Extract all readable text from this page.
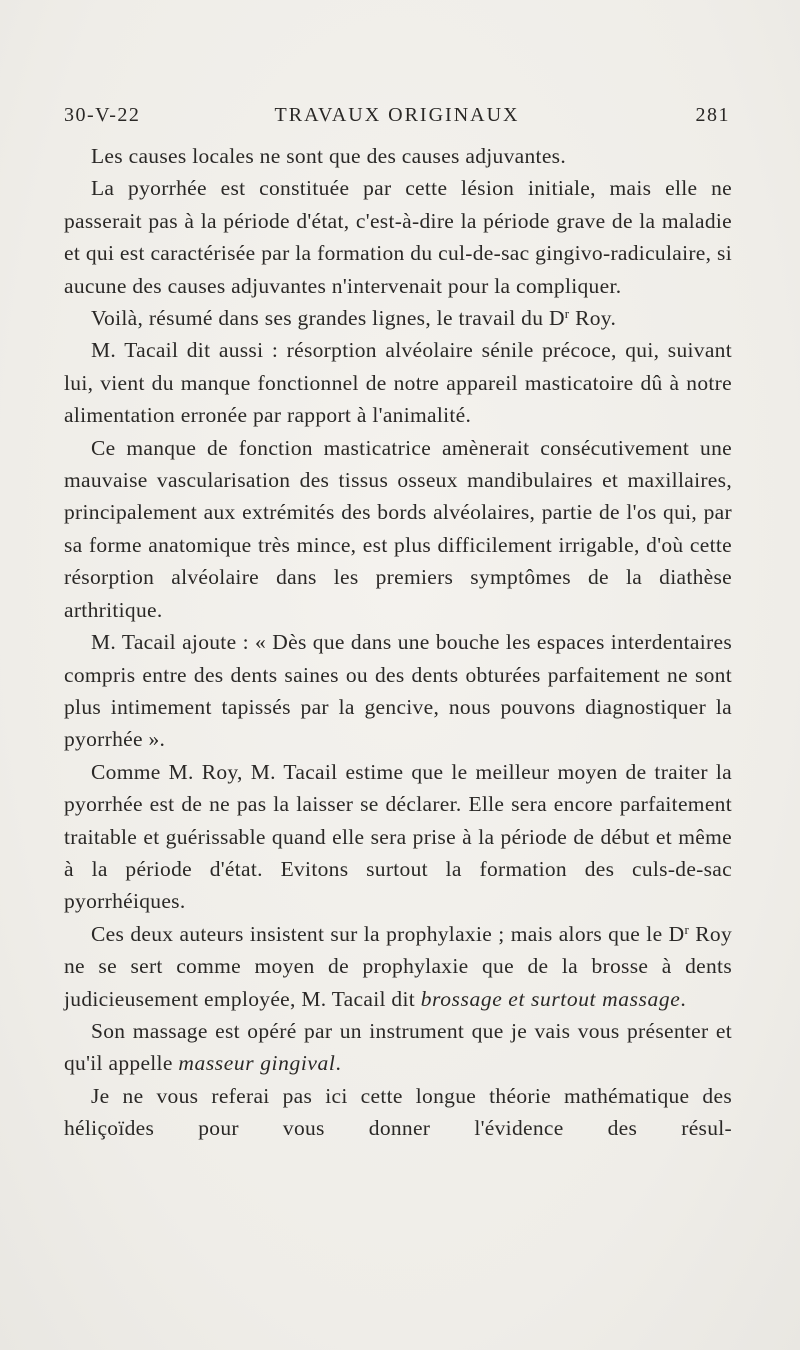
30-V-22	TRAVAUX ORIGINAUX	281

Les causes locales ne sont que des causes adjuvantes.

La pyorrhée est constituée par cette lésion initiale, mais elle ne passerait pas à la période d'état, c'est-à-dire la période grave de la maladie et qui est caractérisée par la formation du cul-de-sac gingivo-radiculaire, si aucune des causes adjuvantes n'intervenait pour la compliquer.

Voilà, résumé dans ses grandes lignes, le travail du $D^r$ Roy.

M. Tacail dit aussi : résorption alvéolaire sénile précoce, qui, suivant lui, vient du manque fonctionnel de notre appareil masticatoire dû à notre alimentation erronée par rapport à l'animalité.

Ce manque de fonction masticatrice amènerait consécutivement une mauvaise vascularisation des tissus osseux mandibulaires et maxillaires, principalement aux extrémités des bords alvéolaires, partie de l'os qui, par sa forme anatomique très mince, est plus difficilement irrigable, d'où cette résorption alvéolaire dans les premiers symptômes de la diathèse arthritique.

M. Tacail ajoute : « Dès que dans une bouche les espaces interdentaires compris entre des dents saines ou des dents obturées parfaitement ne sont plus intimement tapissés par la gencive, nous pouvons diagnostiquer la pyorrhée ».

Comme M. Roy, M. Tacail estime que le meilleur moyen de traiter la pyorrhée est de ne pas la laisser se déclarer. Elle sera encore parfaitement traitable et guérissable quand elle sera prise à la période de début et même à la période d'état. Evitons surtout la formation des culs-de-sac pyorrhéiques.

Ces deux auteurs insistent sur la prophylaxie ; mais alors que le $D^r$ Roy ne se sert comme moyen de prophylaxie que de la brosse à dents judicieusement employée, M. Tacail dit brossage et surtout massage.

Son massage est opéré par un instrument que je vais vous présenter et qu'il appelle masseur gingival.

Je ne vous referai pas ici cette longue théorie mathématique des héliçoïdes pour vous donner l'évidence des résul-
